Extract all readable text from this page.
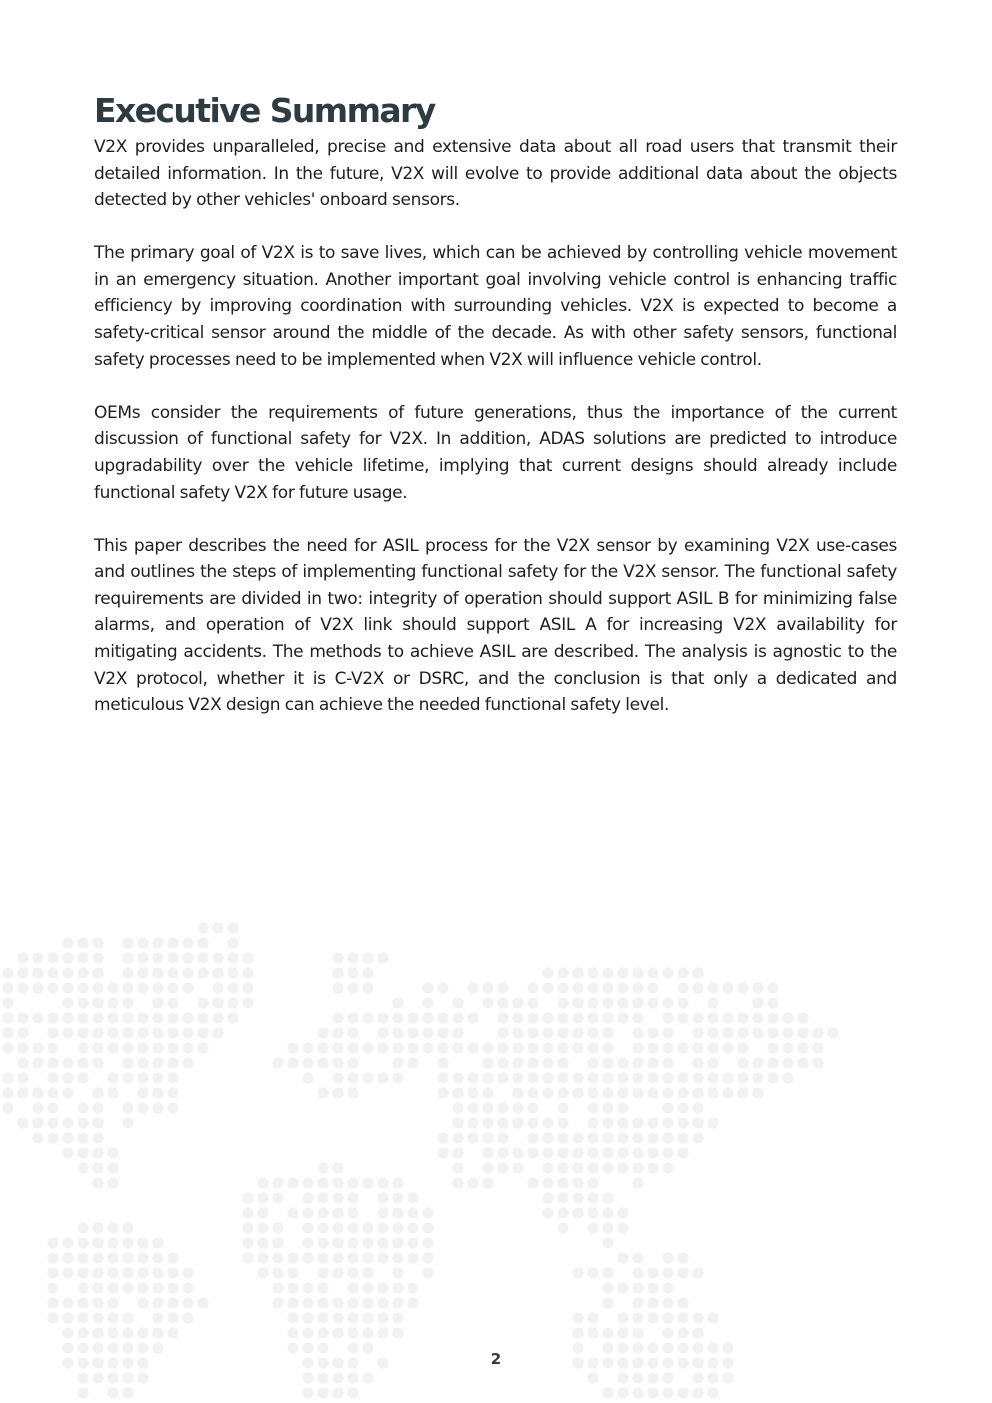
Executive Summary

V2X provides unparalleled, precise and extensive data about all road users that transmit their detailed information. In the future, V2X will evolve to provide additional data about the objects detected by other vehicles' onboard sensors.

The primary goal of V2X is to save lives, which can be achieved by controlling vehicle movement in an emergency situation. Another important goal involving vehicle control is enhancing traffic efficiency by improving coordination with surrounding vehicles. V2X is expected to become a safety-critical sensor around the middle of the decade. As with other safety sensors, functional safety processes need to be implemented when V2X will influence vehicle control.

OEMs consider the requirements of future generations, thus the importance of the current discussion of functional safety for V2X. In addition, ADAS solutions are predicted to introduce upgradability over the vehicle lifetime, implying that current designs should already include functional safety V2X for future usage.

This paper describes the need for ASIL process for the V2X sensor by examining V2X use-cases and outlines the steps of implementing functional safety for the V2X sensor. The functional safety requirements are divided in two: integrity of operation should support ASIL B for minimizing false alarms, and operation of V2X link should support ASIL A for increasing V2X availability for mitigating accidents. The methods to achieve ASIL are described. The analysis is agnostic to the V2X protocol, whether it is C-V2X or DSRC, and the conclusion is that only a dedicated and meticulous V2X design can achieve the needed functional safety level.

2
